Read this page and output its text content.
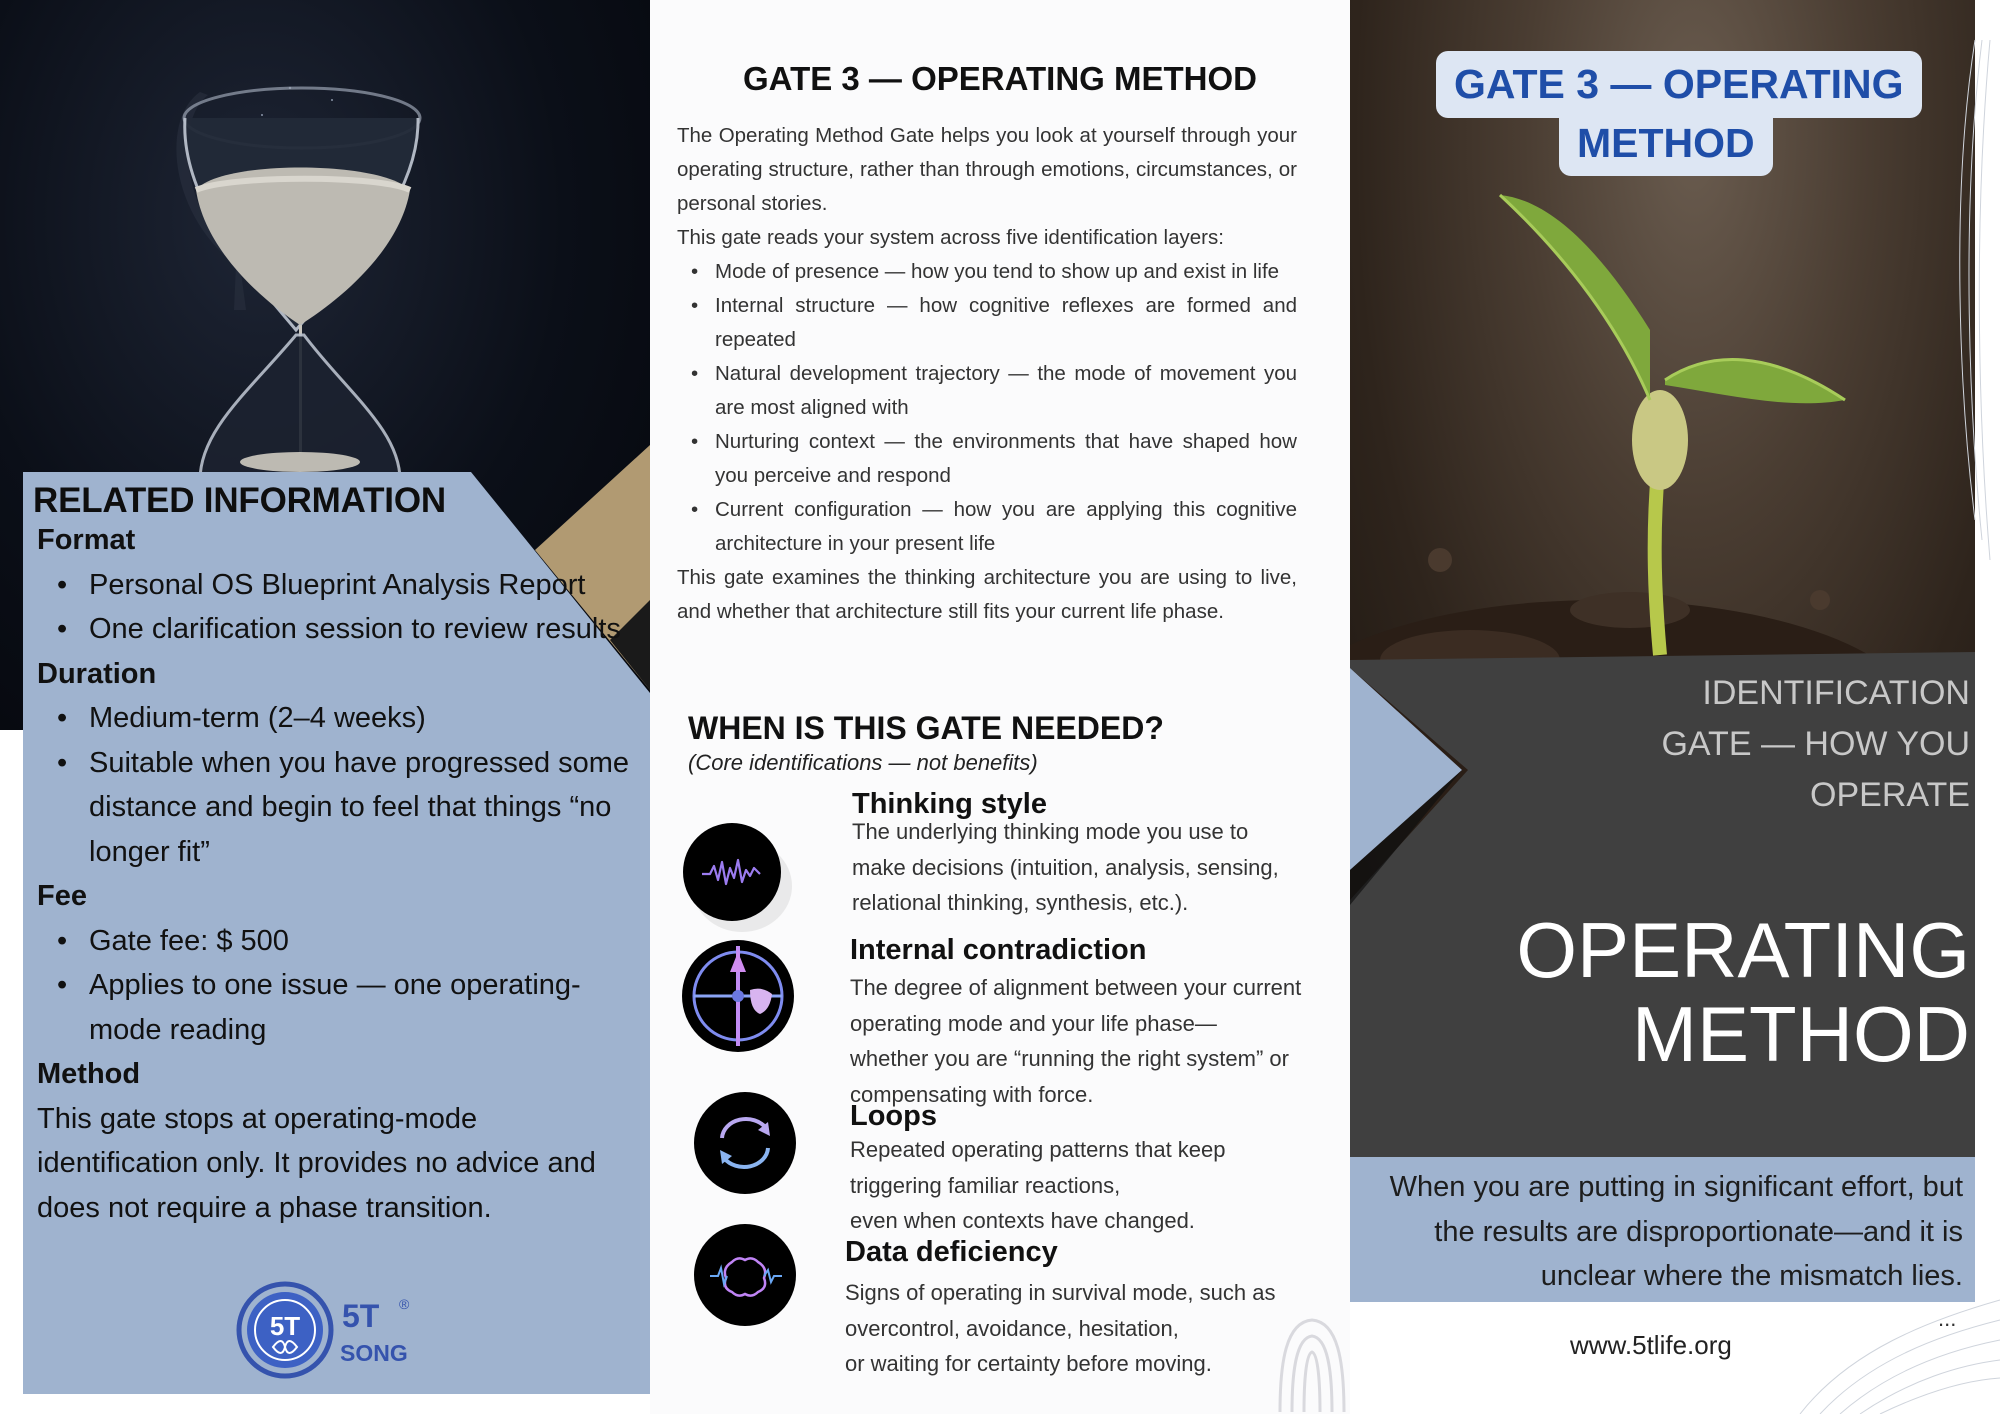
RELATED INFORMATION
Format
• Personal OS Blueprint Analysis Report
• One clarification session to review results
Duration
• Medium-term (2–4 weeks)
• Suitable when you have progressed some distance and begin to feel that things “no longer fit”
Fee
• Gate fee: $ 500
• Applies to one issue — one operating-mode reading
Method
This gate stops at operating-mode identification only. It provides no advice and does not require a phase transition.
5T 5T ®
SONG
GATE 3 — OPERATING METHOD

The Operating Method Gate helps you look at yourself through your operating structure, rather than through emotions, circumstances, or personal stories.

This gate reads your system across five identification layers:

• Mode of presence — how you tend to show up and exist in life
• Internal structure — how cognitive reflexes are formed and repeated
• Natural development trajectory — the mode of movement you are most aligned with
• Nurturing context — the environments that have shaped how you perceive and respond
• Current configuration — how you are applying this cognitive architecture in your present life

This gate examines the thinking architecture you are using to live, and whether that architecture still fits your current life phase.

WHEN IS THIS GATE NEEDED?
(Core identifications — not benefits)
Thinking style
The underlying thinking mode you use to
make decisions (intuition, analysis, sensing,
relational thinking, synthesis, etc.).
Internal contradiction
The degree of alignment between your current
operating mode and your life phase—
whether you are “running the right system” or
compensating with force.
Loops
Repeated operating patterns that keep
triggering familiar reactions,
even when contexts have changed.
Data deficiency
Signs of operating in survival mode, such as
overcontrol, avoidance, hesitation,
or waiting for certainty before moving.
GATE 3 — OPERATING
METHOD
IDENTIFICATION GATE — HOW YOU OPERATE
OPERATING METHOD
When you are putting in significant effort, but the results are disproportionate—and it is unclear where the mismatch lies.
www.5tlife.org
...
